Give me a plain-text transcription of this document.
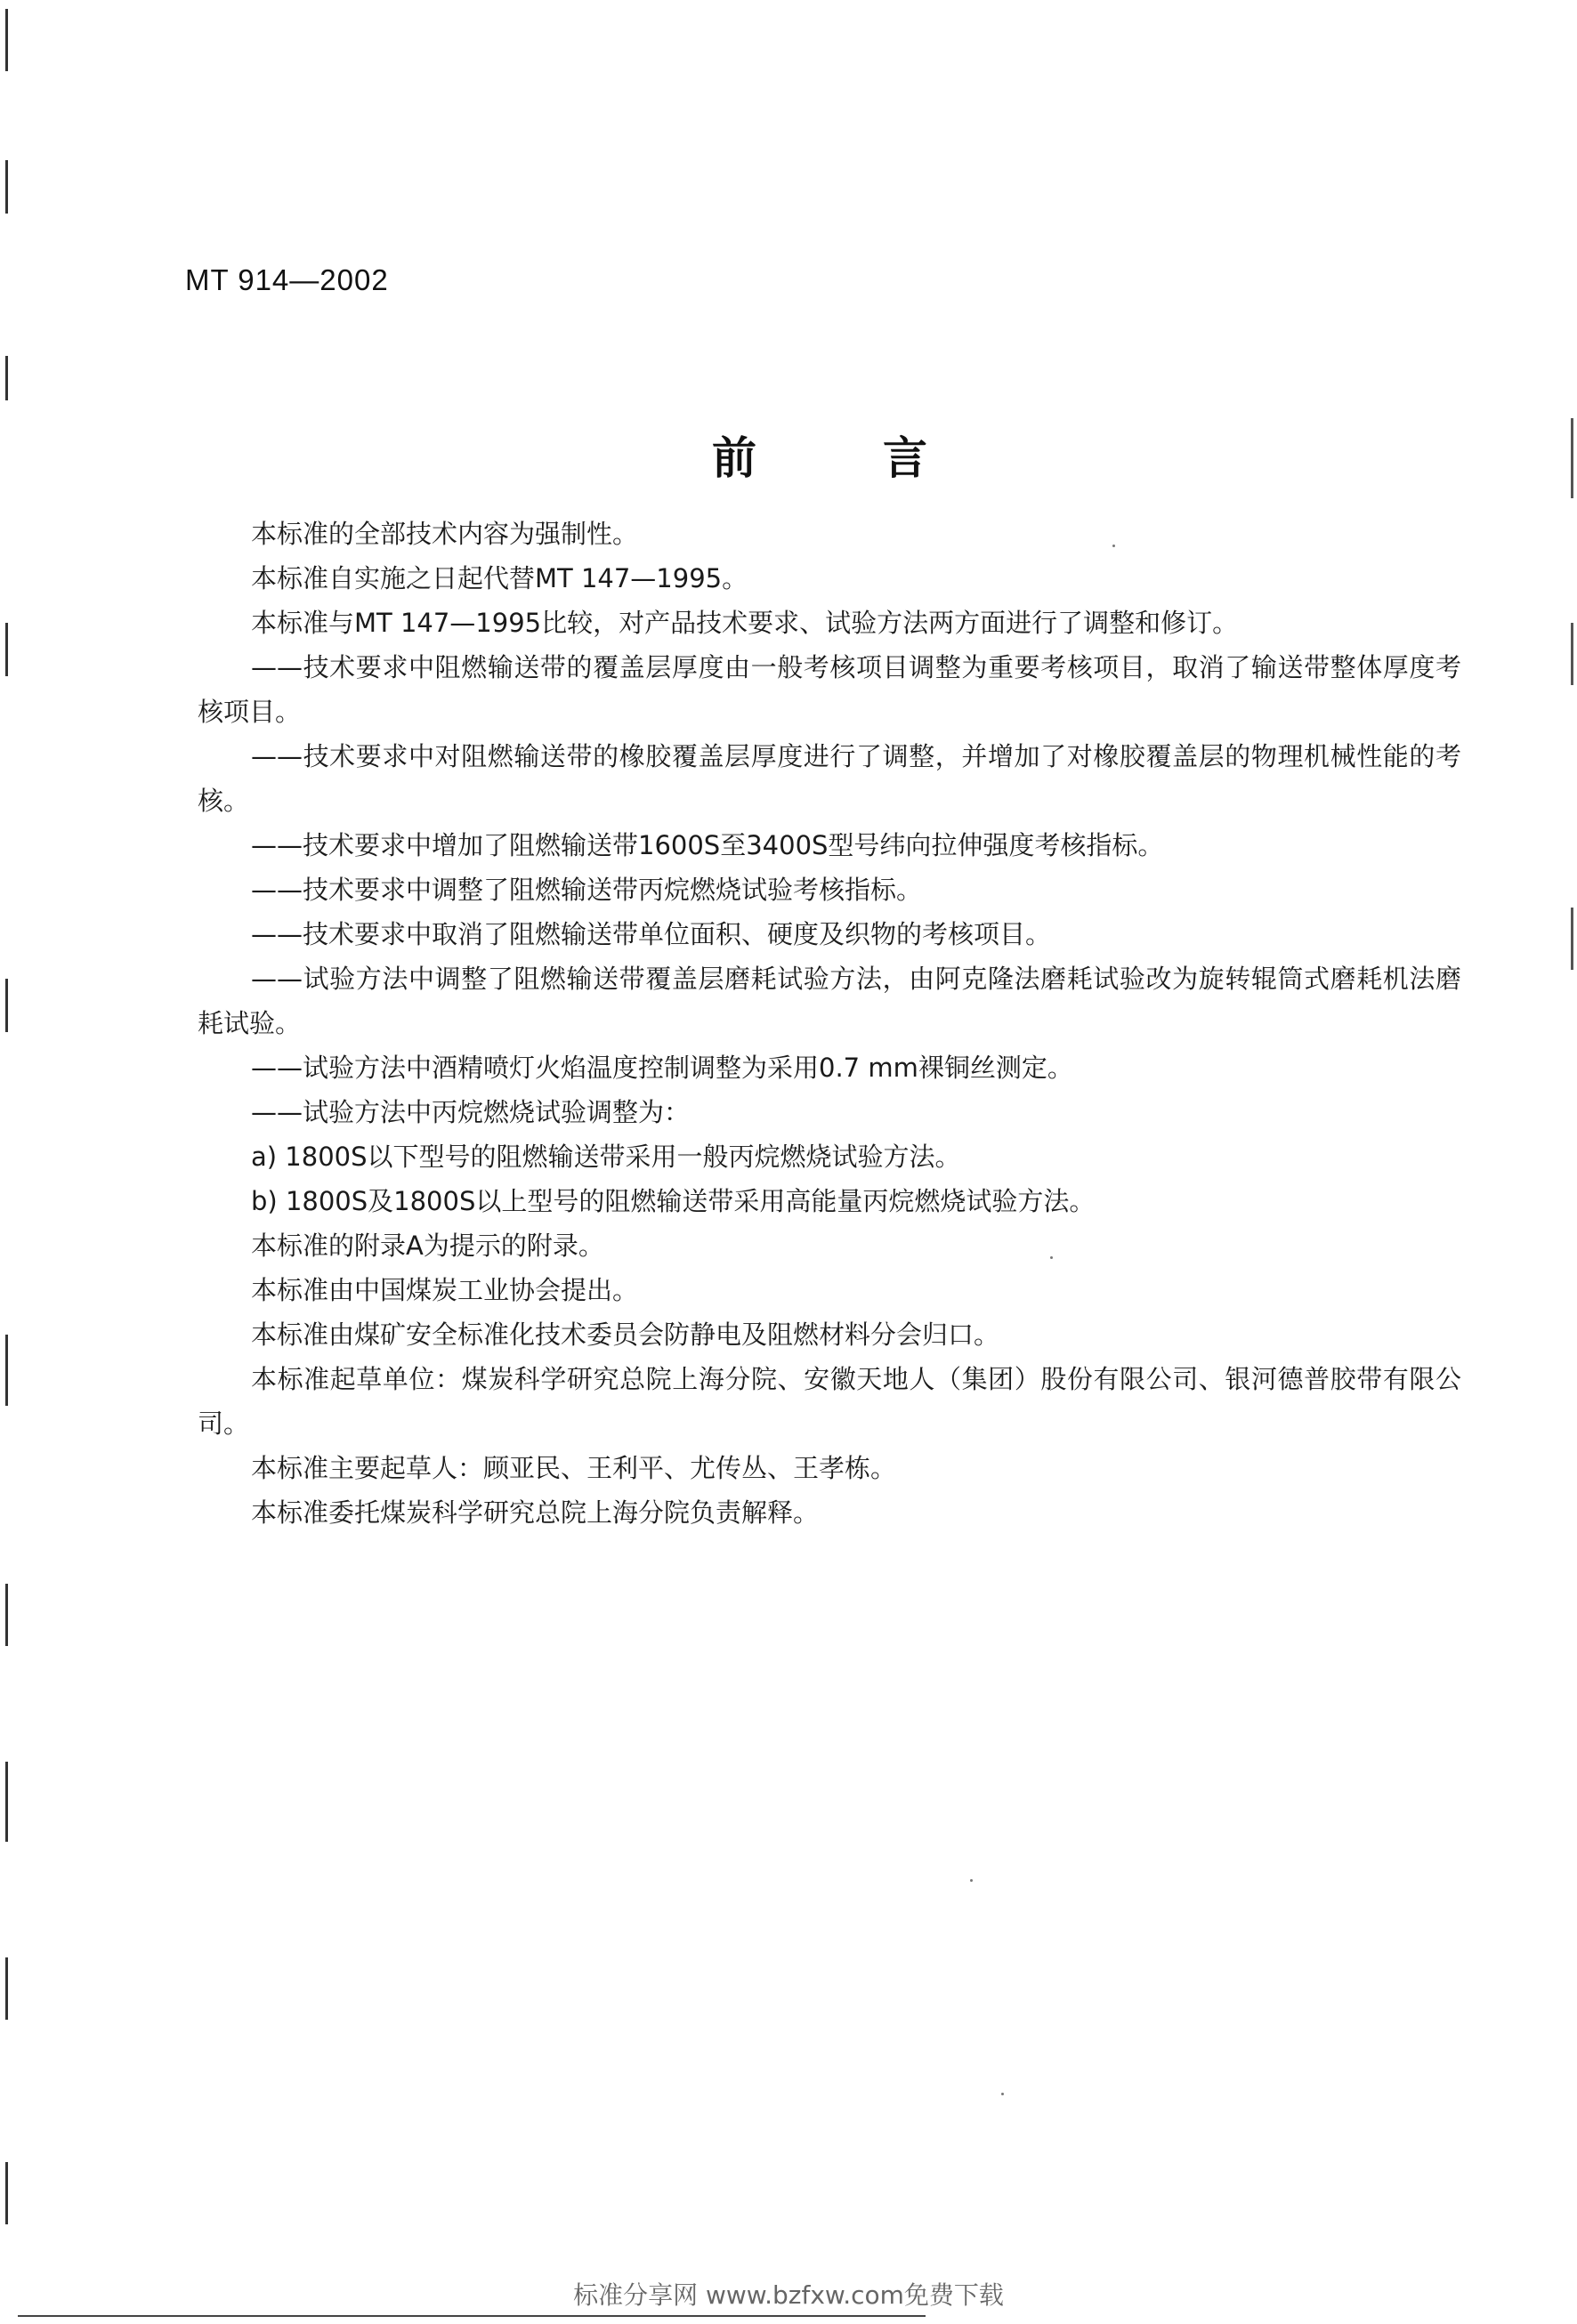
MT 914—2002
前	言

本标准的全部技术内容为强制性。

本标准自实施之日起代替MT 147—1995。

本标准与MT 147—1995比较，对产品技术要求、试验方法两方面进行了调整和修订。

——技术要求中阻燃输送带的覆盖层厚度由一般考核项目调整为重要考核项目，取消了输送带整体厚度考核项目。

——技术要求中对阻燃输送带的橡胶覆盖层厚度进行了调整，并增加了对橡胶覆盖层的物理机械性能的考核。

——技术要求中增加了阻燃输送带1600S至3400S型号纬向拉伸强度考核指标。

——技术要求中调整了阻燃输送带丙烷燃烧试验考核指标。

——技术要求中取消了阻燃输送带单位面积、硬度及织物的考核项目。

——试验方法中调整了阻燃输送带覆盖层磨耗试验方法，由阿克隆法磨耗试验改为旋转辊筒式磨耗机法磨耗试验。

——试验方法中酒精喷灯火焰温度控制调整为采用0.7 mm裸铜丝测定。

——试验方法中丙烷燃烧试验调整为：

a) 1800S以下型号的阻燃输送带采用一般丙烷燃烧试验方法。

b) 1800S及1800S以上型号的阻燃输送带采用高能量丙烷燃烧试验方法。

本标准的附录A为提示的附录。

本标准由中国煤炭工业协会提出。

本标准由煤矿安全标准化技术委员会防静电及阻燃材料分会归口。

本标准起草单位：煤炭科学研究总院上海分院、安徽天地人（集团）股份有限公司、银河德普胶带有限公司。

本标准主要起草人：顾亚民、王利平、尤传丛、王孝栋。

本标准委托煤炭科学研究总院上海分院负责解释。

标准分享网 www.bzfxw.com免费下载
